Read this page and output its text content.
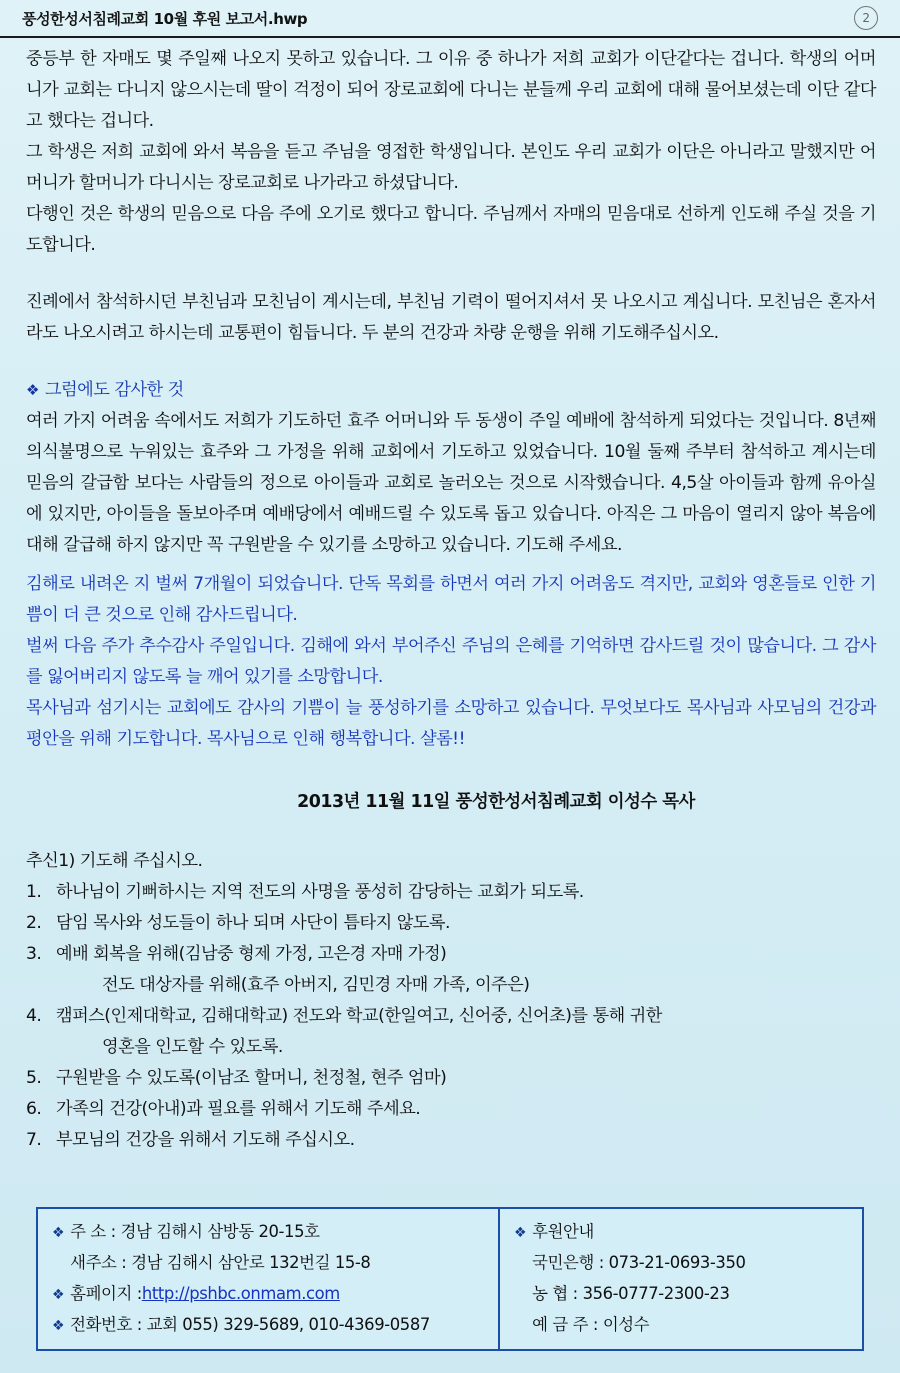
풍성한성서침례교회 10월 후원 보고서.hwp	2

중등부 한 자매도 몇 주일째 나오지 못하고 있습니다. 그 이유 중 하나가 저희 교회가 이단같다는 겁니다. 학생의 어머니가 교회는 다니지 않으시는데 딸이 걱정이 되어 장로교회에 다니는 분들께 우리 교회에 대해 물어보셨는데 이단 같다고 했다는 겁니다.

그 학생은 저희 교회에 와서 복음을 듣고 주님을 영접한 학생입니다. 본인도 우리 교회가 이단은 아니라고 말했지만 어머니가 할머니가 다니시는 장로교회로 나가라고 하셨답니다.

다행인 것은 학생의 믿음으로 다음 주에 오기로 했다고 합니다. 주님께서 자매의 믿음대로 선하게 인도해 주실 것을 기도합니다.

진례에서 참석하시던 부친님과 모친님이 계시는데, 부친님 기력이 떨어지셔서 못 나오시고 계십니다. 모친님은 혼자서라도 나오시려고 하시는데 교통편이 힘듭니다. 두 분의 건강과 차량 운행을 위해 기도해주십시오.

❖ 그럼에도 감사한 것

여러 가지 어려움 속에서도 저희가 기도하던 효주 어머니와 두 동생이 주일 예배에 참석하게 되었다는 것입니다. 8년째 의식불명으로 누워있는 효주와 그 가정을 위해 교회에서 기도하고 있었습니다. 10월 둘째 주부터 참석하고 계시는데 믿음의 갈급함 보다는 사람들의 정으로 아이들과 교회로 놀러오는 것으로 시작했습니다. 4,5살 아이들과 함께 유아실에 있지만, 아이들을 돌보아주며 예배당에서 예배드릴 수 있도록 돕고 있습니다. 아직은 그 마음이 열리지 않아 복음에 대해 갈급해 하지 않지만 꼭 구원받을 수 있기를 소망하고 있습니다. 기도해 주세요.

김해로 내려온 지 벌써 7개월이 되었습니다. 단독 목회를 하면서 여러 가지 어려움도 격지만, 교회와 영혼들로 인한 기쁨이 더 큰 것으로 인해 감사드립니다.

벌써 다음 주가 추수감사 주일입니다. 김해에 와서 부어주신 주님의 은혜를 기억하면 감사드릴 것이 많습니다. 그 감사를 잃어버리지 않도록 늘 깨어 있기를 소망합니다.

목사님과 섬기시는 교회에도 감사의 기쁨이 늘 풍성하기를 소망하고 있습니다. 무엇보다도 목사님과 사모님의 건강과 평안을 위해 기도합니다. 목사님으로 인해 행복합니다. 샬롬!!

2013년 11월 11일 풍성한성서침례교회 이성수 목사
추신1) 기도해 주십시오.
1. 하나님이 기뻐하시는 지역 전도의 사명을 풍성히 감당하는 교회가 되도록.
2. 담임 목사와 성도들이 하나 되며 사단이 틈타지 않도록.
3. 예배 회복을 위해(김남중 형제 가정, 고은경 자매 가정)
전도 대상자를 위해(효주 아버지, 김민경 자매 가족, 이주은)
4. 캠퍼스(인제대학교, 김해대학교) 전도와 학교(한일여고, 신어중, 신어초)를 통해 귀한
영혼을 인도할 수 있도록.
5. 구원받을 수 있도록(이남조 할머니, 천정철, 현주 엄마)
6. 가족의 건강(아내)과 필요를 위해서 기도해 주세요.
7. 부모님의 건강을 위해서 기도해 주십시오.
❖ 주 소 : 경남 김해시 삼방동 20-15호
새주소 : 경남 김해시 삼안로 132번길 15-8
❖ 홈페이지 : http://pshbc.onmam.com
❖ 전화번호 : 교회 055) 329-5689, 010-4369-0587
❖ 후원안내
국민은행 : 073-21-0693-350
농 협 : 356-0777-2300-23
예 금 주 : 이성수
